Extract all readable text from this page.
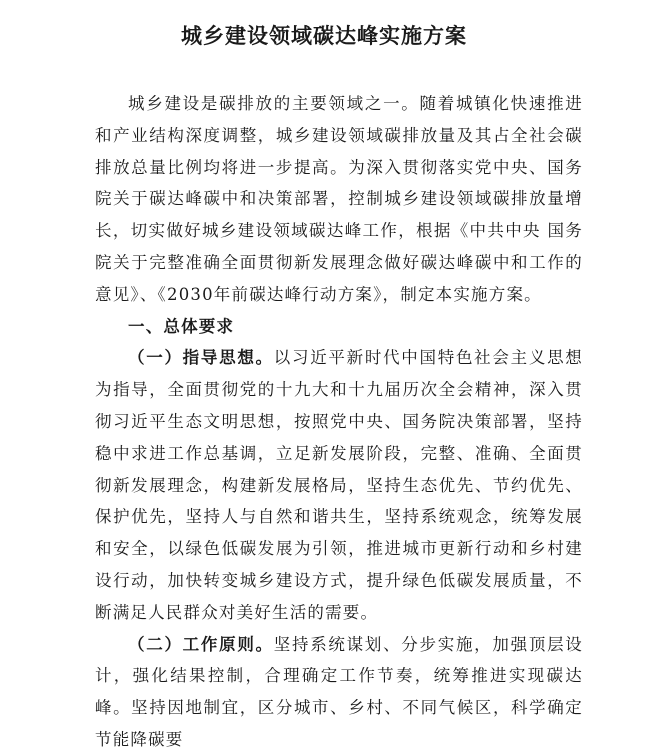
城乡建设领域碳达峰实施方案

城乡建设是碳排放的主要领域之一。随着城镇化快速推进和产业结构深度调整，城乡建设领域碳排放量及其占全社会碳排放总量比例均将进一步提高。为深入贯彻落实党中央、国务院关于碳达峰碳中和决策部署，控制城乡建设领域碳排放量增长，切实做好城乡建设领域碳达峰工作，根据《中共中央 国务院关于完整准确全面贯彻新发展理念做好碳达峰碳中和工作的意见》、《2030年前碳达峰行动方案》，制定本实施方案。

一、总体要求

（一）指导思想。以习近平新时代中国特色社会主义思想为指导，全面贯彻党的十九大和十九届历次全会精神，深入贯彻习近平生态文明思想，按照党中央、国务院决策部署，坚持稳中求进工作总基调，立足新发展阶段，完整、准确、全面贯彻新发展理念，构建新发展格局，坚持生态优先、节约优先、保护优先，坚持人与自然和谐共生，坚持系统观念，统筹发展和安全，以绿色低碳发展为引领，推进城市更新行动和乡村建设行动，加快转变城乡建设方式，提升绿色低碳发展质量，不断满足人民群众对美好生活的需要。

（二）工作原则。坚持系统谋划、分步实施，加强顶层设计，强化结果控制，合理确定工作节奏，统筹推进实现碳达峰。坚持因地制宜，区分城市、乡村、不同气候区，科学确定节能降碳要
